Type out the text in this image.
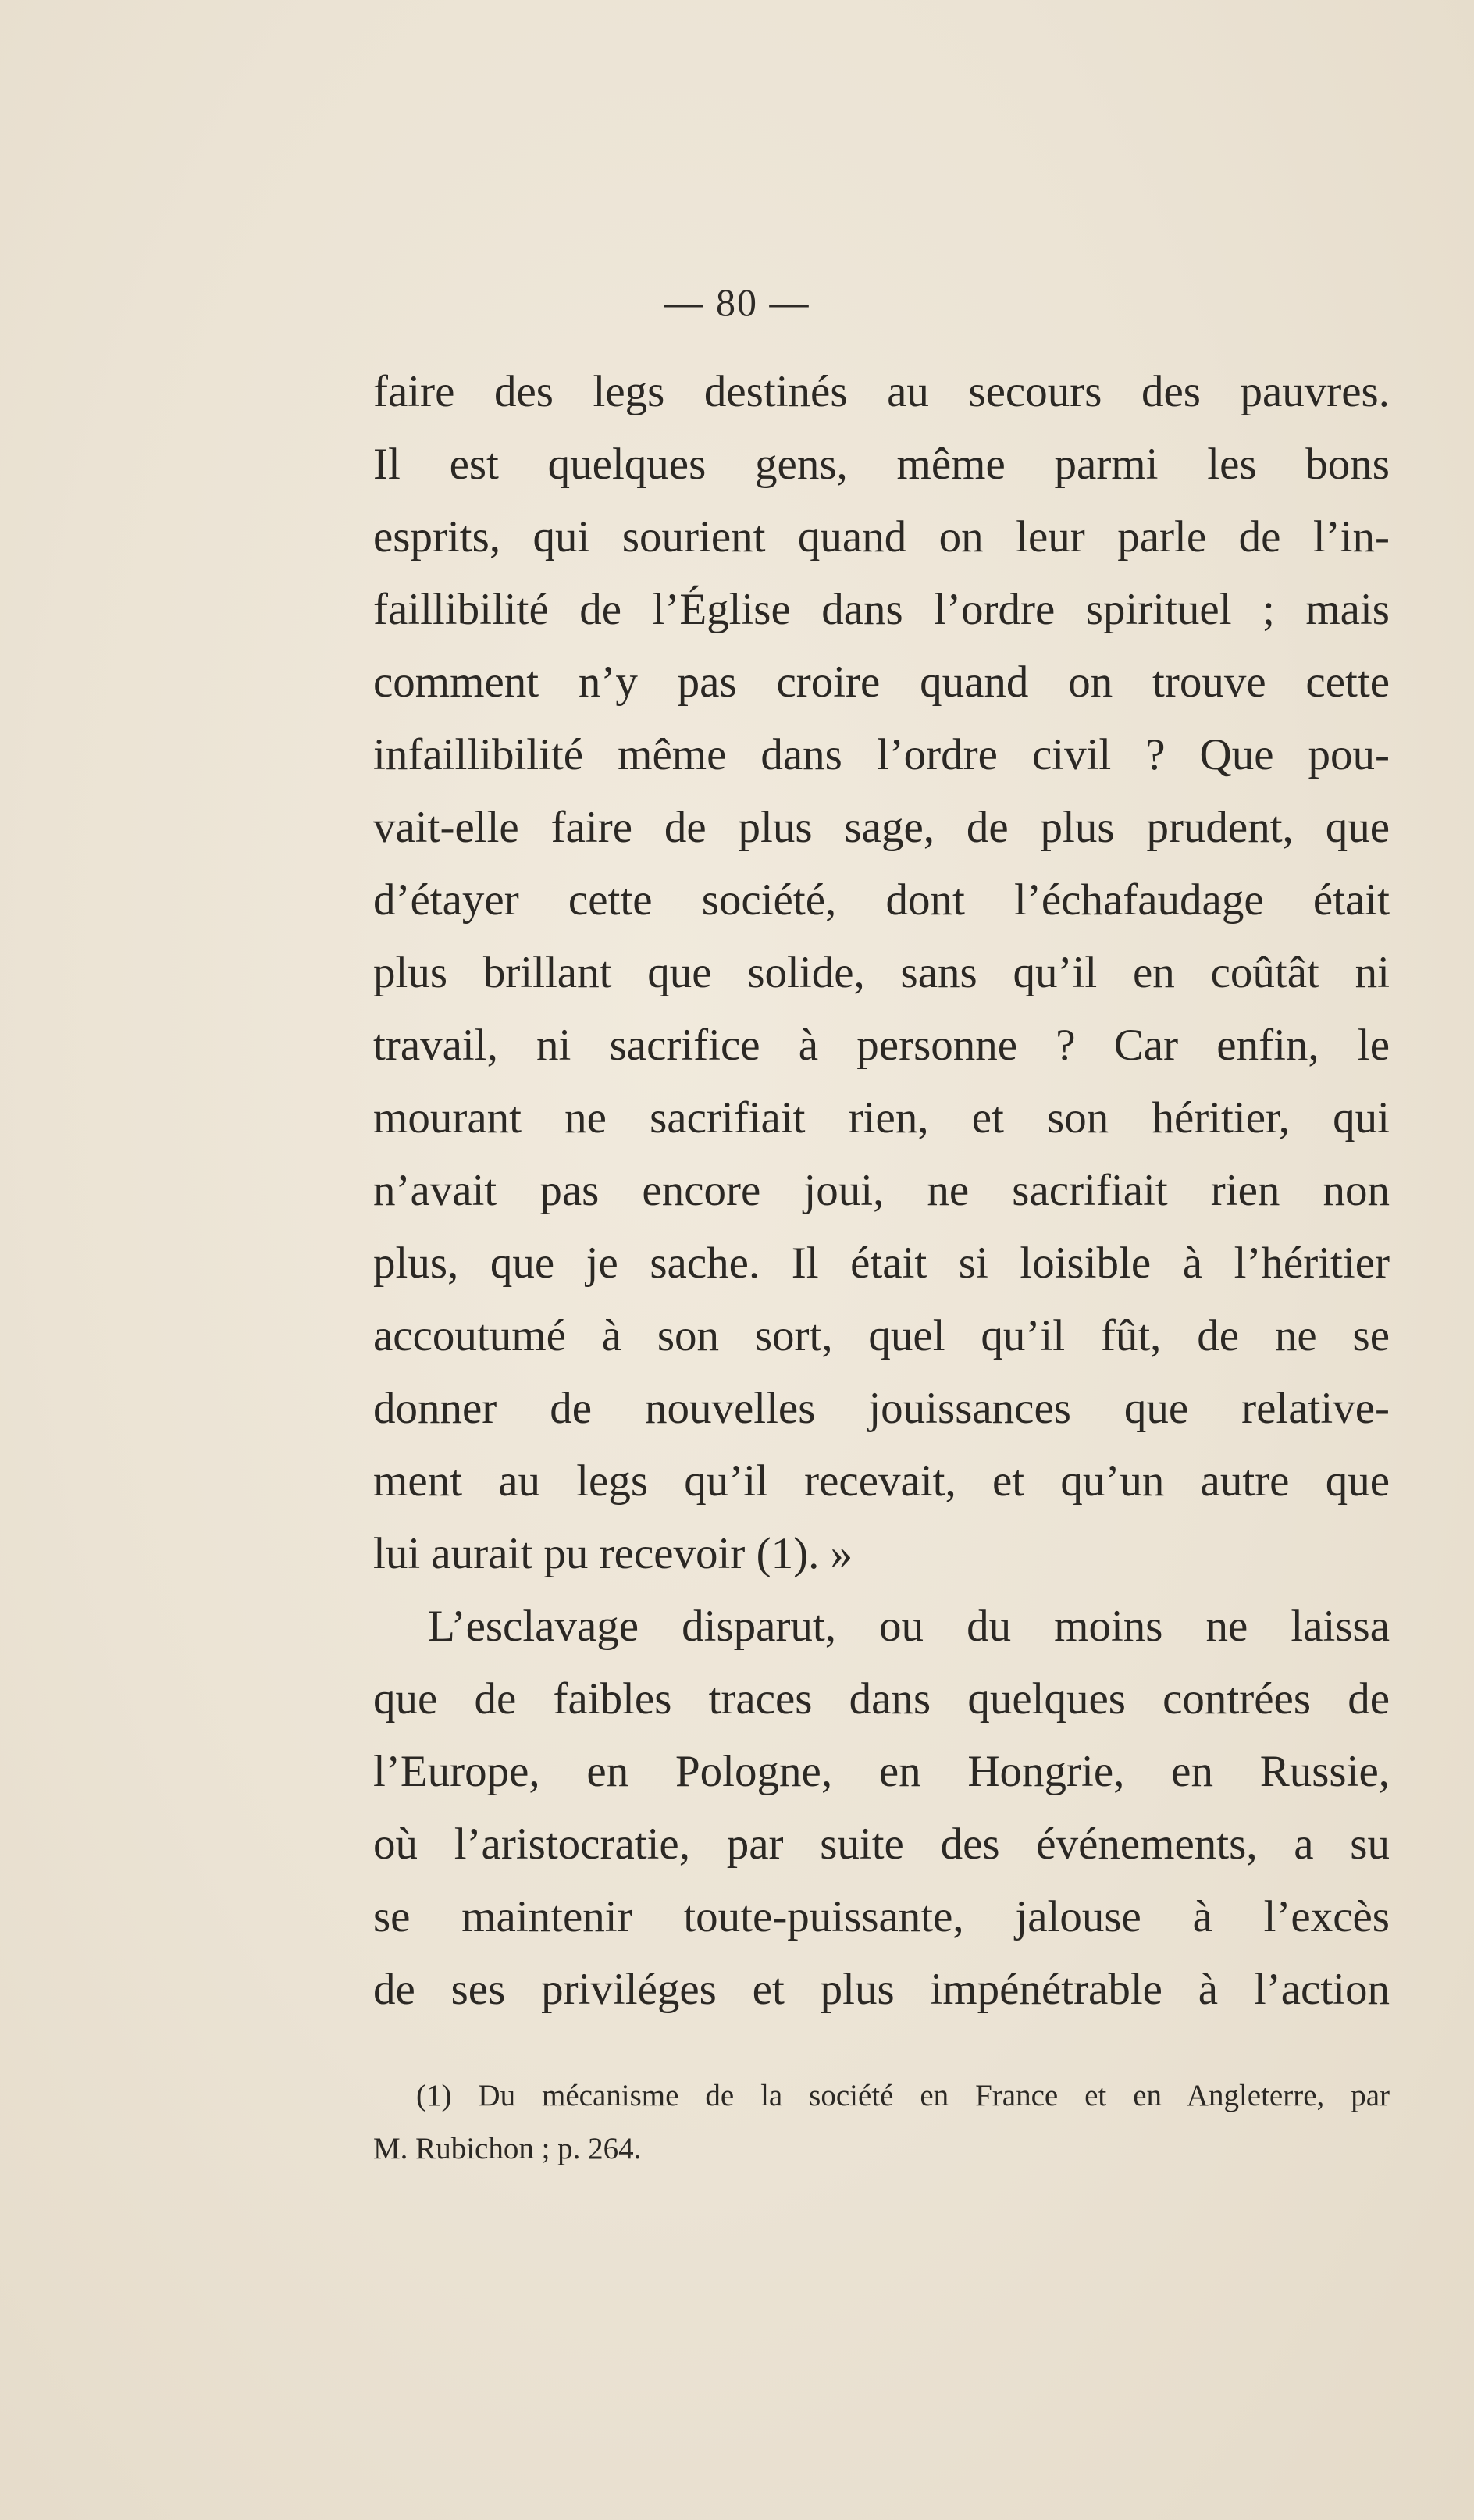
— 80 —
faire des legs destinés au secours des pauvres.
Il est quelques gens, même parmi les bons
esprits, qui sourient quand on leur parle de l’in-
faillibilité de l’Église dans l’ordre spirituel ; mais
comment n’y pas croire quand on trouve cette
infaillibilité même dans l’ordre civil ? Que pou-
vait-elle faire de plus sage, de plus prudent, que
d’étayer cette société, dont l’échafaudage était
plus brillant que solide, sans qu’il en coûtât ni
travail, ni sacrifice à personne ? Car enfin, le
mourant ne sacrifiait rien, et son héritier, qui
n’avait pas encore joui, ne sacrifiait rien non
plus, que je sache. Il était si loisible à l’héritier
accoutumé à son sort, quel qu’il fût, de ne se
donner de nouvelles jouissances que relative-
ment au legs qu’il recevait, et qu’un autre que
lui aurait pu recevoir (1). »
L’esclavage disparut, ou du moins ne laissa
que de faibles traces dans quelques contrées de
l’Europe, en Pologne, en Hongrie, en Russie,
où l’aristocratie, par suite des événements, a su
se maintenir toute-puissante, jalouse à l’excès
de ses priviléges et plus impénétrable à l’action
(1) Du mécanisme de la société en France et en Angleterre, par
M. Rubichon ; p. 264.
